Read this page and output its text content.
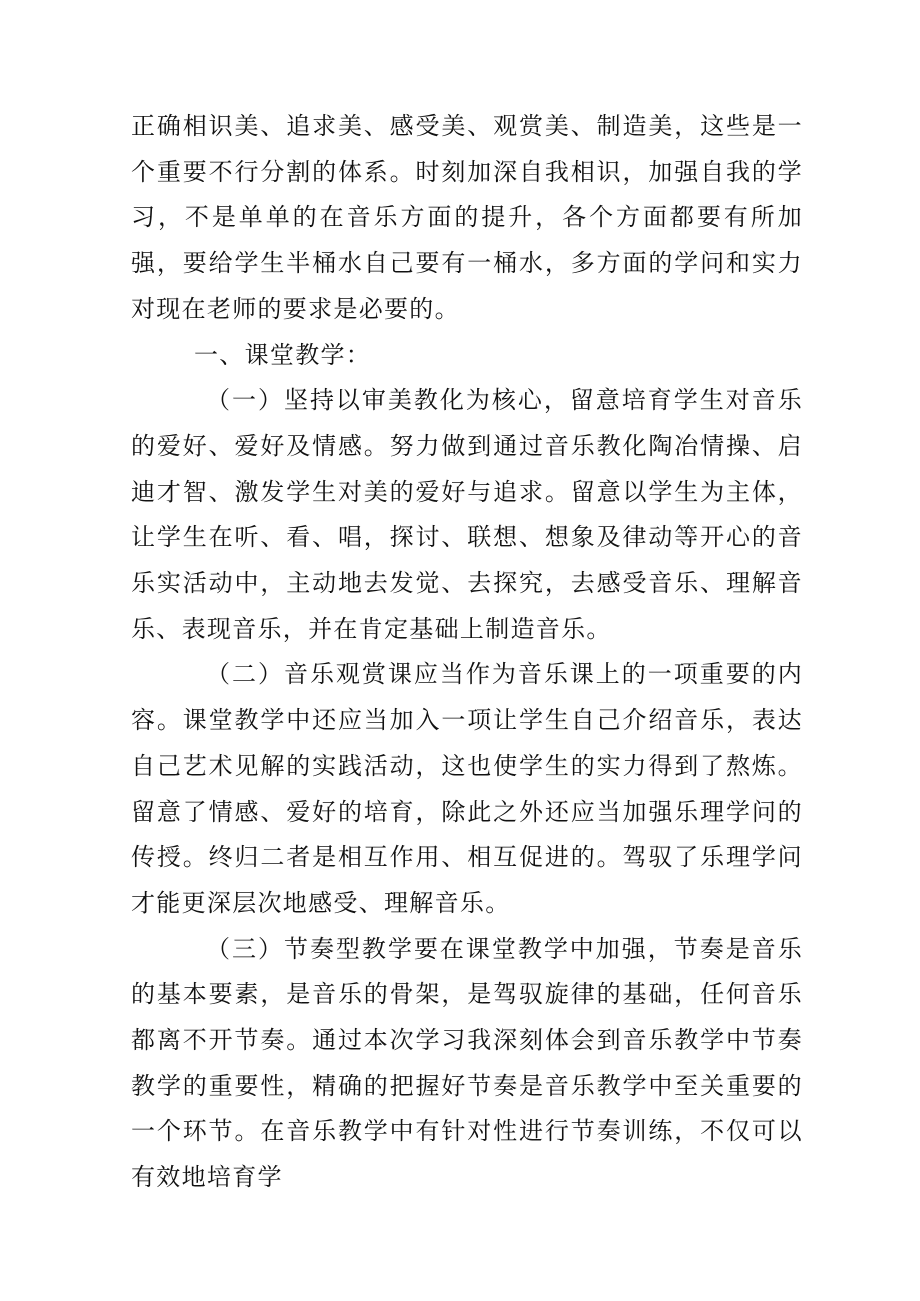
正确相识美、追求美、感受美、观赏美、制造美，这些是一个重要不行分割的体系。时刻加深自我相识，加强自我的学习，不是单单的在音乐方面的提升，各个方面都要有所加强，要给学生半桶水自己要有一桶水，多方面的学问和实力对现在老师的要求是必要的。

一、课堂教学：

（一）坚持以审美教化为核心，留意培育学生对音乐的爱好、爱好及情感。努力做到通过音乐教化陶冶情操、启迪才智、激发学生对美的爱好与追求。留意以学生为主体，让学生在听、看、唱，探讨、联想、想象及律动等开心的音乐实活动中，主动地去发觉、去探究，去感受音乐、理解音乐、表现音乐，并在肯定基础上制造音乐。

（二）音乐观赏课应当作为音乐课上的一项重要的内容。课堂教学中还应当加入一项让学生自己介绍音乐，表达自己艺术见解的实践活动，这也使学生的实力得到了熬炼。留意了情感、爱好的培育，除此之外还应当加强乐理学问的传授。终归二者是相互作用、相互促进的。驾驭了乐理学问才能更深层次地感受、理解音乐。

（三）节奏型教学要在课堂教学中加强，节奏是音乐的基本要素，是音乐的骨架，是驾驭旋律的基础，任何音乐都离不开节奏。通过本次学习我深刻体会到音乐教学中节奏教学的重要性，精确的把握好节奏是音乐教学中至关重要的一个环节。在音乐教学中有针对性进行节奏训练，不仅可以有效地培育学
